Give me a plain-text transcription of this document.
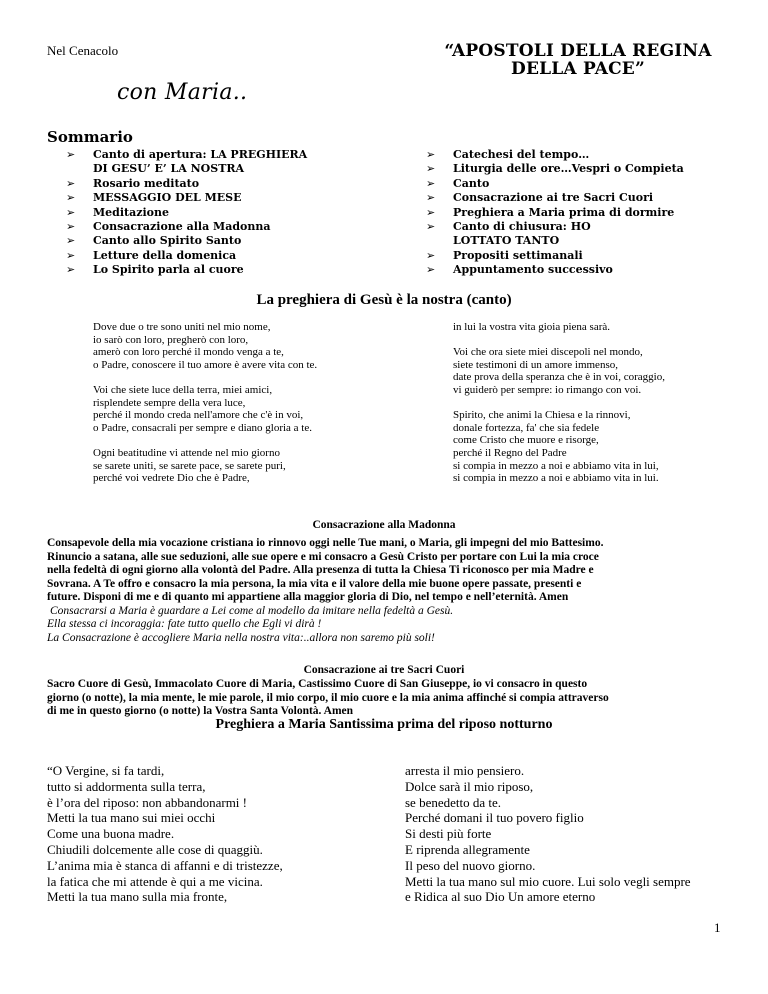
Nel Cenacolo
con Maria..
“APOSTOLI DELLA REGINA
DELLA PACE”
Sommario
➢ Canto di apertura: LA PREGHIERA
DI GESU’ E’ LA NOSTRA
➢ Rosario meditato
➢ MESSAGGIO DEL MESE
➢ Meditazione
➢ Consacrazione alla Madonna
➢ Canto allo Spirito Santo
➢ Letture della domenica
➢ Lo Spirito parla al cuore
➢ Catechesi del tempo…
➢ Liturgia delle ore…Vespri o Compieta
➢ Canto
➢ Consacrazione ai tre Sacri Cuori
➢ Preghiera a Maria prima di dormire
➢ Canto di chiusura: HO
LOTTATO TANTO
➢ Propositi settimanali
➢ Appuntamento successivo
La preghiera di Gesù è la nostra (canto)

Dove due o tre sono uniti nel mio nome,
io sarò con loro, pregherò con loro,
amerò con loro perché il mondo venga a te,
o Padre, conoscere il tuo amore è avere vita con te.

Voi che siete luce della terra, miei amici,
risplendete sempre della vera luce,
perché il mondo creda nell'amore che c'è in voi,
o Padre, consacrali per sempre e diano gloria a te.

Ogni beatitudine vi attende nel mio giorno
se sarete uniti, se sarete pace, se sarete puri,
perché voi vedrete Dio che è Padre,

in lui la vostra vita gioia piena sarà.

Voi che ora siete miei discepoli nel mondo,
siete testimoni di un amore immenso,
date prova della speranza che è in voi, coraggio,
vi guiderò per sempre: io rimango con voi.

Spirito, che animi la Chiesa e la rinnovi,
donale fortezza, fa' che sia fedele
come Cristo che muore e risorge,
perché il Regno del Padre
si compia in mezzo a noi e abbiamo vita in lui,
si compia in mezzo a noi e abbiamo vita in lui.

Consacrazione alla Madonna
Consapevole della mia vocazione cristiana io rinnovo oggi nelle Tue mani, o Maria, gli impegni del mio Battesimo.
Rinuncio a satana, alle sue seduzioni, alle sue opere e mi consacro a Gesù Cristo per portare con Lui la mia croce
nella fedeltà di ogni giorno alla volontà del Padre. Alla presenza di tutta la Chiesa Ti riconosco per mia Madre e
Sovrana. A Te offro e consacro la mia persona, la mia vita e il valore della mie buone opere passate, presenti e
future. Disponi di me e di quanto mi appartiene alla maggior gloria di Dio, nel tempo e nell’eternità. Amen
Consacrarsi a Maria è guardare a Lei come al modello da imitare nella fedeltà a Gesù.
Ella stessa ci incoraggia: fate tutto quello che Egli vi dirà !
La Consacrazione è accogliere Maria nella nostra vita:..allora non saremo più soli!
Consacrazione ai tre Sacri Cuori
Sacro Cuore di Gesù, Immacolato Cuore di Maria, Castissimo Cuore di San Giuseppe, io vi consacro in questo
giorno (o notte), la mia mente, le mie parole, il mio corpo, il mio cuore e la mia anima affinché si compia attraverso
di me in questo giorno (o notte) la Vostra Santa Volontà. Amen
Preghiera a Maria Santissima prima del riposo notturno
“O Vergine, si fa tardi,
tutto si addormenta sulla terra,
è l’ora del riposo: non abbandonarmi !
Metti la tua mano sui miei occhi
Come una buona madre.
Chiudili dolcemente alle cose di quaggiù.
L’anima mia è stanca di affanni e di tristezze,
la fatica che mi attende è qui a me vicina.
Metti la tua mano sulla mia fronte,
arresta il mio pensiero.
Dolce sarà il mio riposo,
se benedetto da te.
Perché domani il tuo povero figlio
Si desti più forte
E riprenda allegramente
Il peso del nuovo giorno.
Metti la tua mano sul mio cuore. Lui solo vegli sempre
e Ridica al suo Dio Un amore eterno
1
